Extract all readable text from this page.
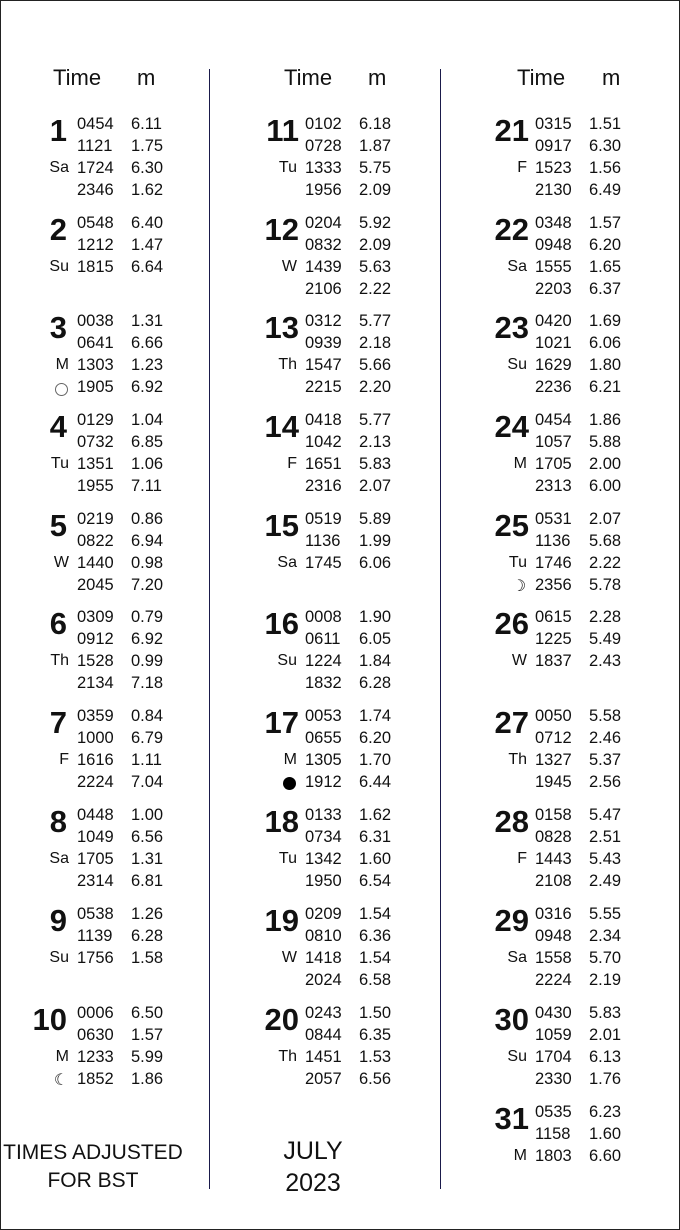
Time m
1
Sa
0454 6.11
1121 1.75
1724 6.30
2346 1.62
2
Su
0548 6.40
1212 1.47
1815 6.64
3
M
0038 1.31
0641 6.66
1303 1.23
1905 6.92
4
Tu
0129 1.04
0732 6.85
1351 1.06
1955 7.11
5
W
0219 0.86
0822 6.94
1440 0.98
2045 7.20
6
Th
0309 0.79
0912 6.92
1528 0.99
2134 7.18
7
F
0359 0.84
1000 6.79
1616 1.11
2224 7.04
8
Sa
0448 1.00
1049 6.56
1705 1.31
2314 6.81
9
Su
0538 1.26
1139 6.28
1756 1.58
10
M
☾
0006 6.50
0630 1.57
1233 5.99
1852 1.86
Time m
11
Tu
0102 6.18
0728 1.87
1333 5.75
1956 2.09
12
W
0204 5.92
0832 2.09
1439 5.63
2106 2.22
13
Th
0312 5.77
0939 2.18
1547 5.66
2215 2.20
14
F
0418 5.77
1042 2.13
1651 5.83
2316 2.07
15
Sa
0519 5.89
1136 1.99
1745 6.06
16
Su
0008 1.90
0611 6.05
1224 1.84
1832 6.28
17
M
0053 1.74
0655 6.20
1305 1.70
1912 6.44
18
Tu
0133 1.62
0734 6.31
1342 1.60
1950 6.54
19
W
0209 1.54
0810 6.36
1418 1.54
2024 6.58
20
Th
0243 1.50
0844 6.35
1451 1.53
2057 6.56
Time m
21
F
0315 1.51
0917 6.30
1523 1.56
2130 6.49
22
Sa
0348 1.57
0948 6.20
1555 1.65
2203 6.37
23
Su
0420 1.69
1021 6.06
1629 1.80
2236 6.21
24
M
0454 1.86
1057 5.88
1705 2.00
2313 6.00
25
Tu
☽
0531 2.07
1136 5.68
1746 2.22
2356 5.78
26
W
0615 2.28
1225 5.49
1837 2.43
27
Th
0050 5.58
0712 2.46
1327 5.37
1945 2.56
28
F
0158 5.47
0828 2.51
1443 5.43
2108 2.49
29
Sa
0316 5.55
0948 2.34
1558 5.70
2224 2.19
30
Su
0430 5.83
1059 2.01
1704 6.13
2330 1.76
31
M
0535 6.23
1158 1.60
1803 6.60
TIMES ADJUSTED
FOR BST
JULY
2023
